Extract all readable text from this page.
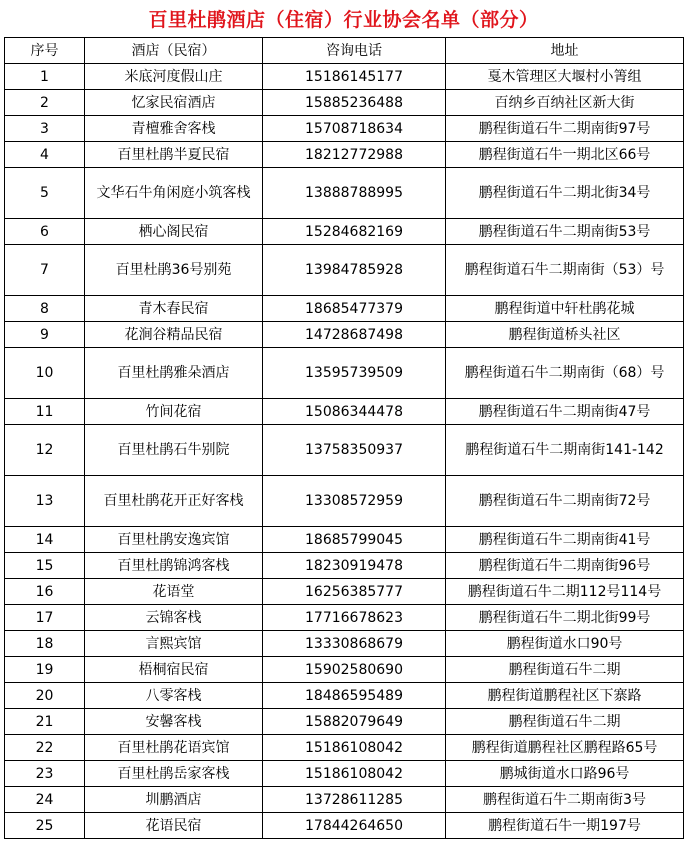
百里杜鹃酒店（住宿）行业协会名单（部分）
序号	酒店（民宿）	咨询电话	地址
1	米底河度假山庄	15186145177	戛木管理区大堰村小箐组
2	忆家民宿酒店	15885236488	百纳乡百纳社区新大街
3	青檀雅舍客栈	15708718634	鹏程街道石牛二期南街97号
4	百里杜鹃半夏民宿	18212772988	鹏程街道石牛一期北区66号
5	文华石牛角闲庭小筑客栈	13888788995	鹏程街道石牛二期北街34号
6	栖心阁民宿	15284682169	鹏程街道石牛二期南街53号
7	百里杜鹃36号别苑	13984785928	鹏程街道石牛二期南街（53）号
8	青木春民宿	18685477379	鹏程街道中轩杜鹃花城
9	花涧谷精品民宿	14728687498	鹏程街道桥头社区
10	百里杜鹃雅朵酒店	13595739509	鹏程街道石牛二期南街（68）号
11	竹间花宿	15086344478	鹏程街道石牛二期南街47号
12	百里杜鹃石牛别院	13758350937	鹏程街道石牛二期南街141-142
13	百里杜鹃花开正好客栈	13308572959	鹏程街道石牛二期南街72号
14	百里杜鹃安逸宾馆	18685799045	鹏程街道石牛二期南街41号
15	百里杜鹃锦鸿客栈	18230919478	鹏程街道石牛二期南街96号
16	花语堂	16256385777	鹏程街道石牛二期112号114号
17	云锦客栈	17716678623	鹏程街道石牛二期北街99号
18	言熙宾馆	13330868679	鹏程街道水口90号
19	梧桐宿民宿	15902580690	鹏程街道石牛二期
20	八零客栈	18486595489	鹏程街道鹏程社区下寨路
21	安馨客栈	15882079649	鹏程街道石牛二期
22	百里杜鹃花语宾馆	15186108042	鹏程街道鹏程社区鹏程路65号
23	百里杜鹃岳家客栈	15186108042	鹏城街道水口路96号
24	圳鹏酒店	13728611285	鹏程街道石牛二期南街3号
25	花语民宿	17844264650	鹏程街道石牛一期197号
